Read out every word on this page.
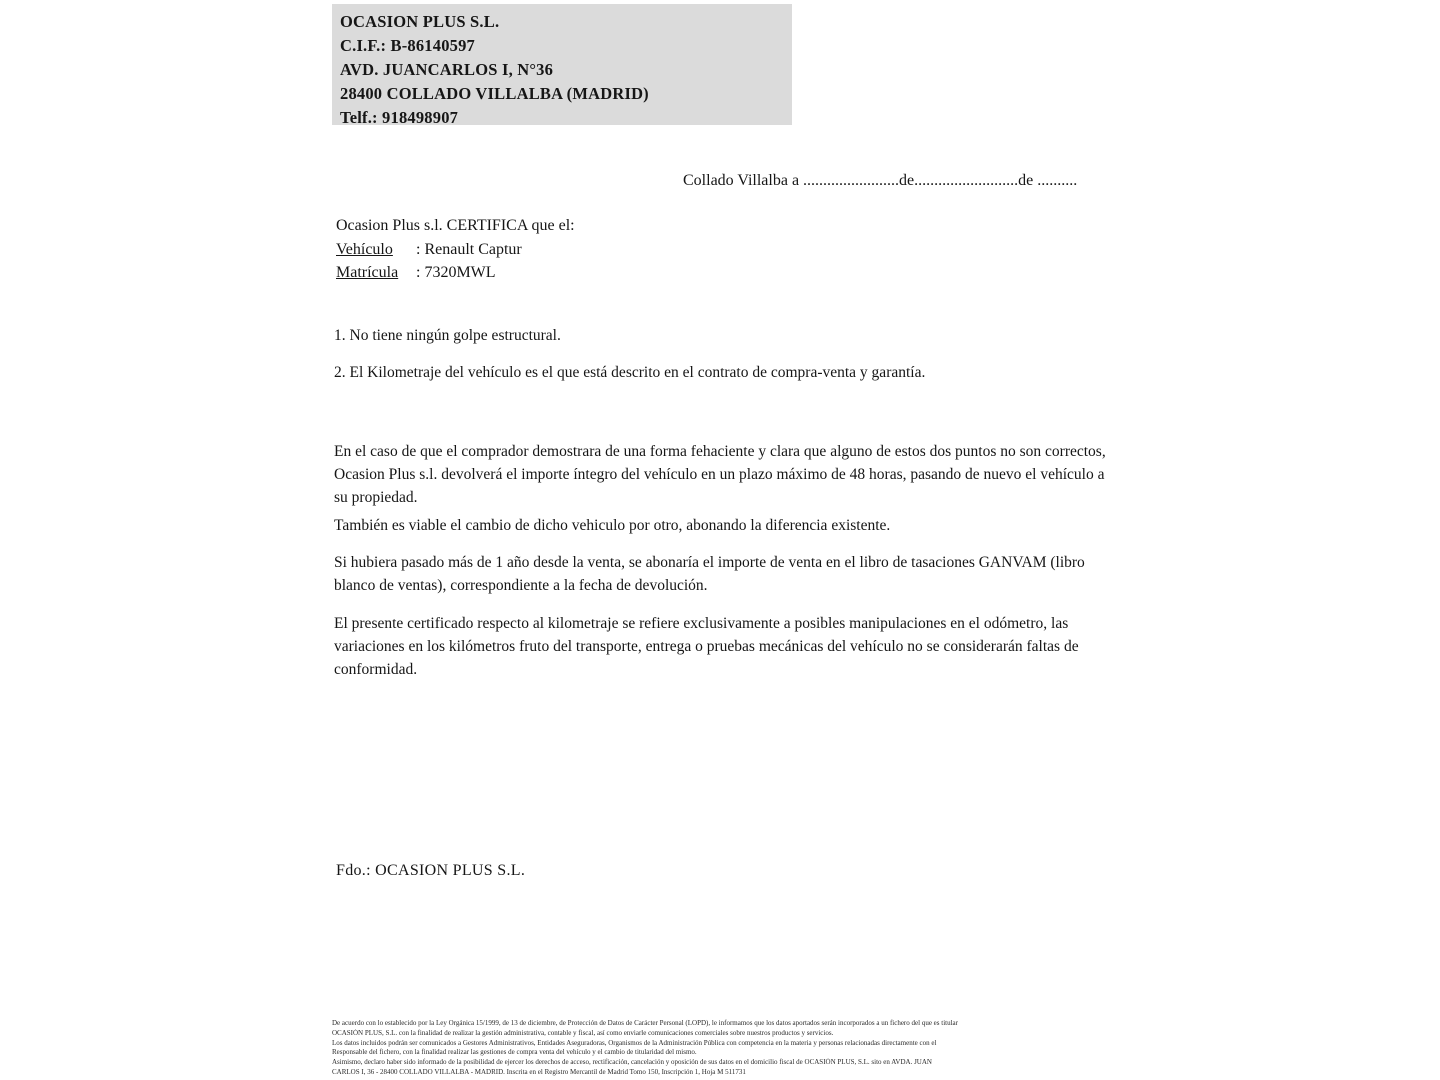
OCASION PLUS S.L.
C.I.F.: B-86140597
AVD. JUANCARLOS I, N°36
28400 COLLADO VILLALBA (MADRID)
Telf.: 918498907
Collado Villalba a ........................de..........................de ..........
Ocasion Plus s.l. CERTIFICA que el:
Vehículo : Renault Captur
Matrícula : 7320MWL
1. No tiene ningún golpe estructural.
2. El Kilometraje del vehículo es el que está descrito en el contrato de compra-venta y garantía.
En el caso de que el comprador demostrara de una forma fehaciente y clara que alguno de estos dos puntos no son correctos, Ocasion Plus s.l. devolverá el importe íntegro del vehículo en un plazo máximo de 48 horas, pasando de nuevo el vehículo a su propiedad.
También es viable el cambio de dicho vehiculo por otro, abonando la diferencia existente.
Si hubiera pasado más de 1 año desde la venta, se abonaría el importe de venta en el libro de tasaciones GANVAM (libro blanco de ventas), correspondiente a la fecha de devolución.
El presente certificado respecto al kilometraje se refiere exclusivamente a posibles manipulaciones en el odómetro, las variaciones en los kilómetros fruto del transporte, entrega o pruebas mecánicas del vehículo no se considerarán faltas de conformidad.
Fdo.: OCASION PLUS S.L.
De acuerdo con lo establecido por la Ley Orgánica 15/1999, de 13 de diciembre, de Protección de Datos de Carácter Personal (LOPD), le informamos que los datos aportados serán incorporados a un fichero del que es titular
OCASIÓN PLUS, S.L. con la finalidad de realizar la gestión administrativa, contable y fiscal, así como enviarle comunicaciones comerciales sobre nuestros productos y servicios.
Los datos incluidos podrán ser comunicados a Gestores Administrativos, Entidades Aseguradoras, Organismos de la Administración Pública con competencia en la materia y personas relacionadas directamente con el
Responsable del fichero, con la finalidad realizar las gestiones de compra venta del vehículo y el cambio de titularidad del mismo.
Asimismo, declaro haber sido informado de la posibilidad de ejercer los derechos de acceso, rectificación, cancelación y oposición de sus datos en el domicilio fiscal de OCASIÓN PLUS, S.L. sito en AVDA. JUAN
CARLOS I, 36 - 28400 COLLADO VILLALBA - MADRID. Inscrita en el Registro Mercantil de Madrid Tomo 150, Inscripción 1, Hoja M 511731
